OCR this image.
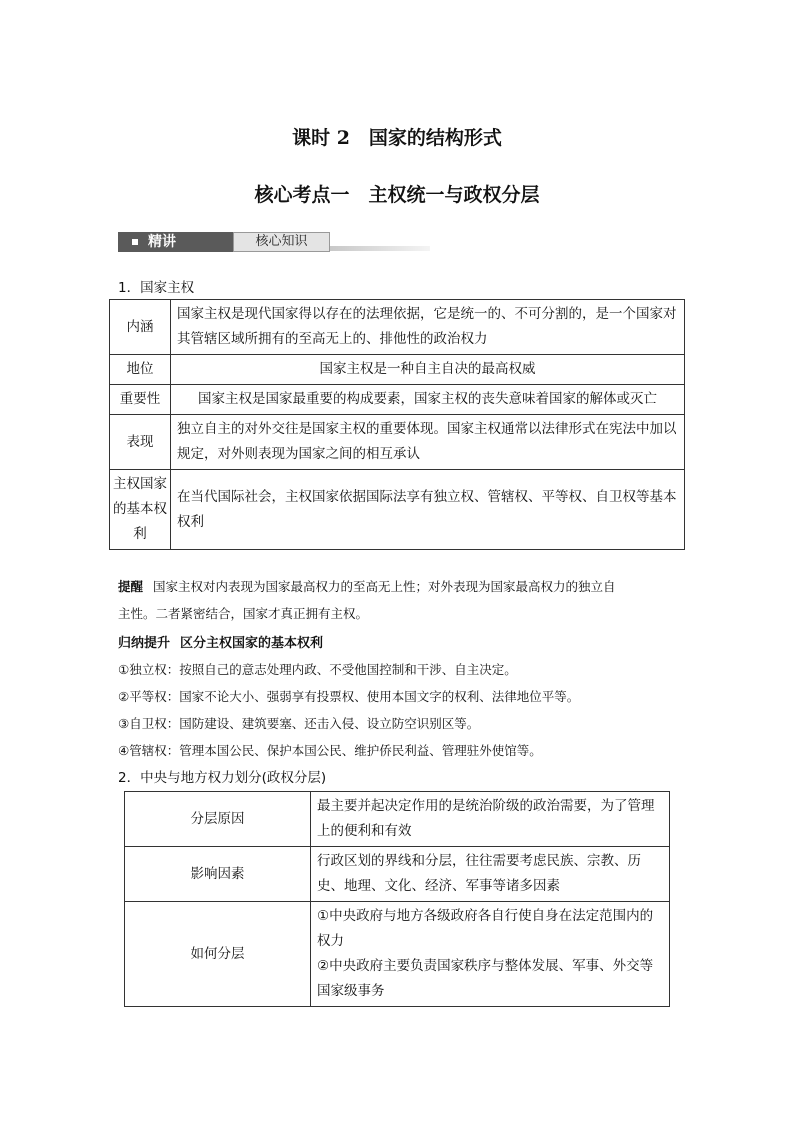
课时 2　国家的结构形式
核心考点一　主权统一与政权分层
精讲	核心知识
1．国家主权
内涵	国家主权是现代国家得以存在的法理依据，它是统一的、不可分割的，是一个国家对其管辖区域所拥有的至高无上的、排他性的政治权力
地位	国家主权是一种自主自决的最高权威
重要性	国家主权是国家最重要的构成要素，国家主权的丧失意味着国家的解体或灭亡
表现	独立自主的对外交往是国家主权的重要体现。国家主权通常以法律形式在宪法中加以规定，对外则表现为国家之间的相互承认
主权国家的基本权利	在当代国际社会，主权国家依据国际法享有独立权、管辖权、平等权、自卫权等基本权利
提醒 国家主权对内表现为国家最高权力的至高无上性；对外表现为国家最高权力的独立自
主性。二者紧密结合，国家才真正拥有主权。
归纳提升 区分主权国家的基本权利
①独立权：按照自己的意志处理内政、不受他国控制和干涉、自主决定。
②平等权：国家不论大小、强弱享有投票权、使用本国文字的权利、法律地位平等。
③自卫权：国防建设、建筑要塞、还击入侵、设立防空识别区等。
④管辖权：管理本国公民、保护本国公民、维护侨民利益、管理驻外使馆等。
2．中央与地方权力划分(政权分层)
分层原因	最主要并起决定作用的是统治阶级的政治需要，为了管理上的便利和有效
影响因素	行政区划的界线和分层，往往需要考虑民族、宗教、历史、地理、文化、经济、军事等诸多因素
如何分层	①中央政府与地方各级政府各自行使自身在法定范围内的权力
②中央政府主要负责国家秩序与整体发展、军事、外交等国家级事务
